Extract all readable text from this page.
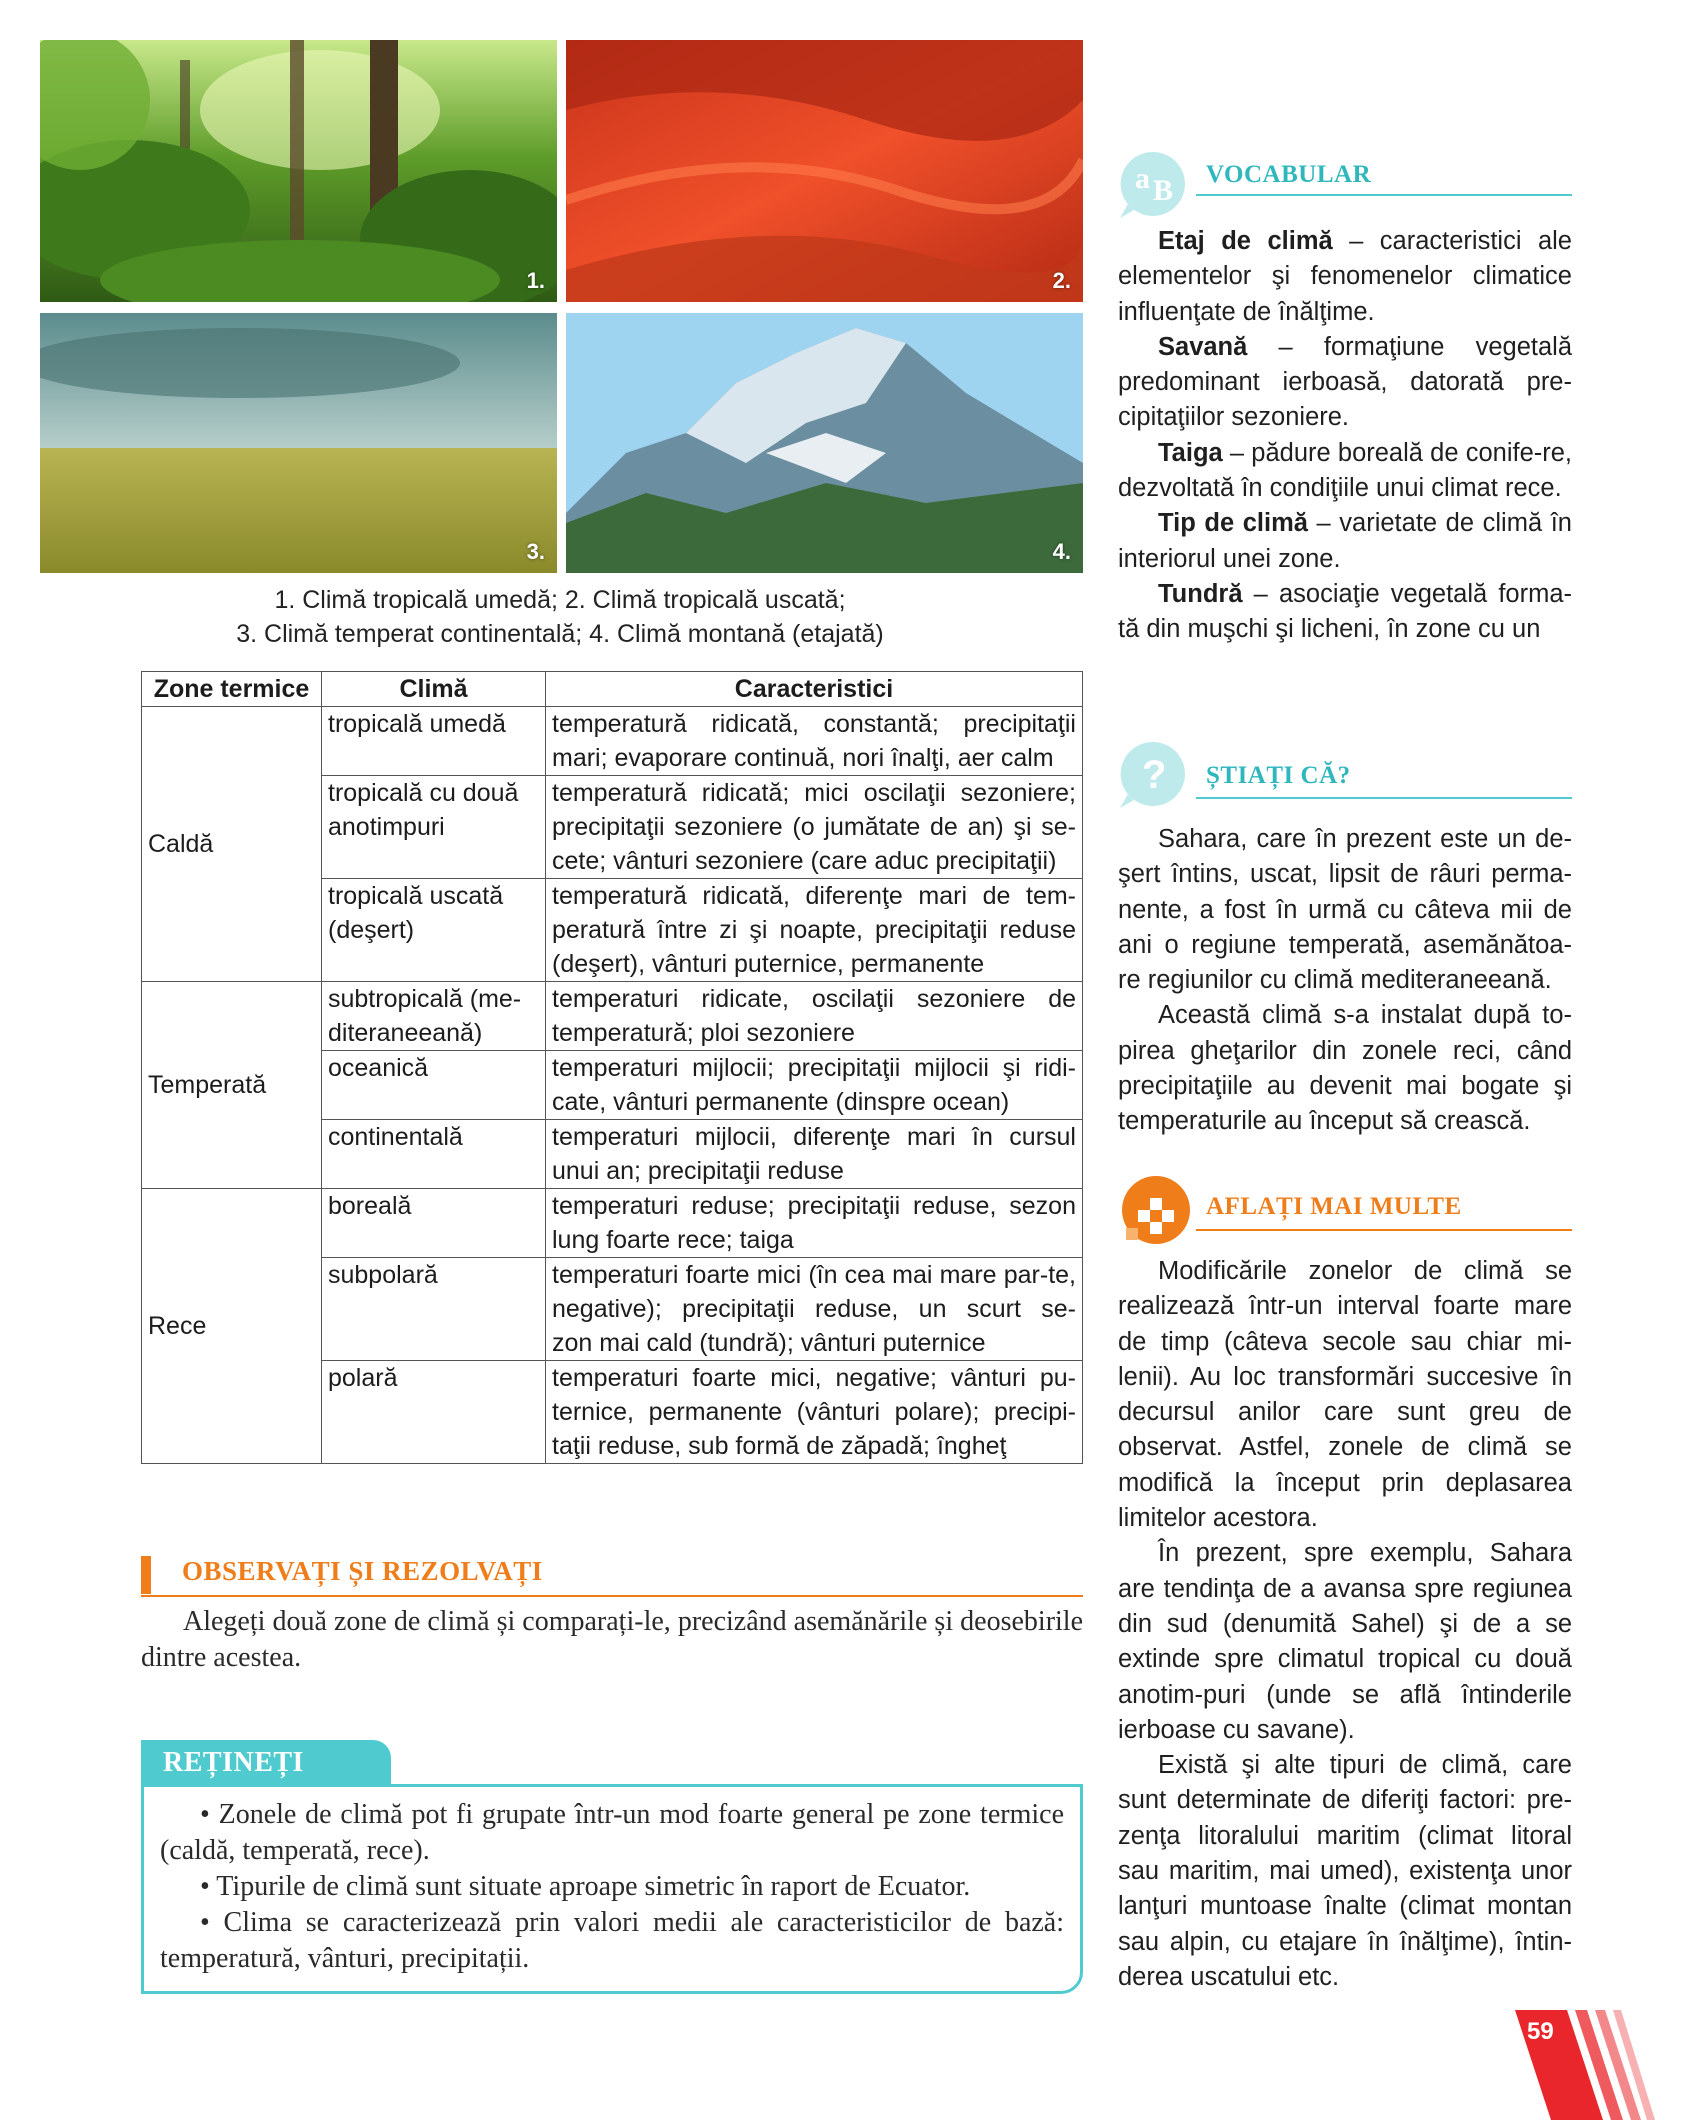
1.	2.
3.	4.
1. Climă tropicală umedă; 2. Climă tropicală uscată;
3. Climă temperat continentală; 4. Climă montană (etajată)
Zone termice	Climă	Caracteristici
Caldă	tropicală umedă	temperatură ridicată, constantă; precipitaţii
mari; evaporare continuă, nori înalţi, aer calm

	tropicală cu două anotimpuri	temperatură ridicată; mici oscilaţii sezoniere; precipitaţii sezoniere (o jumătate de an) şi se-
cete; vânturi sezoniere (care aduc precipitaţii)

	tropicală uscată (deşert)	temperatură ridicată, diferenţe mari de tem-peratură între zi şi noapte, precipitaţii reduse
(deşert), vânturi puternice, permanente

Temperată	subtropicală (me-diteraneeană)	temperaturi ridicate, oscilaţii sezoniere de
temperatură; ploi sezoniere

	oceanică	temperaturi mijlocii; precipitaţii mijlocii şi ridi-
cate, vânturi permanente (dinspre ocean)

	continentală	temperaturi mijlocii, diferenţe mari în cursul
unui an; precipitaţii reduse

Rece	boreală	temperaturi reduse; precipitaţii reduse, sezon
lung foarte rece; taiga

	subpolară	temperaturi foarte mici (în cea mai mare par-te, negative); precipitaţii reduse, un scurt se-
zon mai cald (tundră); vânturi puternice

	polară	temperaturi foarte mici, negative; vânturi pu-ternice, permanente (vânturi polare); precipi-
taţii reduse, sub formă de zăpadă; îngheţ
OBSERVAȚI ȘI REZOLVAȚI
Alegeți două zone de climă și comparați-le, precizând asemănările și deosebirile dintre acestea.
REȚINEȚI
• Zonele de climă pot fi grupate într-un mod foarte general pe zone termice (caldă, temperată, rece).
• Tipurile de climă sunt situate aproape simetric în raport de Ecuator.
• Clima se caracterizează prin valori medii ale caracteristicilor de bază: temperatură, vânturi, precipitații.
a B VOCABULAR

Etaj de climă – caracteristici ale elementelor şi fenomenelor climatice influenţate de înălţime.

Savană – formaţiune vegetală predominant ierboasă, datorată pre-cipitaţiilor sezoniere.

Taiga – pădure boreală de conife-re, dezvoltată în condiţiile unui climat rece.

Tip de climă – varietate de climă în interiorul unei zone.

Tundră – asociaţie vegetală forma-tă din muşchi şi licheni, în zone cu un

? ȘTIAȚI CĂ?

Sahara, care în prezent este un de-şert întins, uscat, lipsit de râuri perma-nente, a fost în urmă cu câteva mii de ani o regiune temperată, asemănătoa-re regiunilor cu climă mediteraneeană.

Această climă s-a instalat după to-pirea gheţarilor din zonele reci, când precipitaţiile au devenit mai bogate şi temperaturile au început să crească.

AFLAȚI MAI MULTE

Modificările zonelor de climă se realizează într-un interval foarte mare de timp (câteva secole sau chiar mi-lenii). Au loc transformări succesive în decursul anilor care sunt greu de observat. Astfel, zonele de climă se modifică la început prin deplasarea limitelor acestora.

În prezent, spre exemplu, Sahara are tendinţa de a avansa spre regiunea din sud (denumită Sahel) şi de a se extinde spre climatul tropical cu două anotim-puri (unde se află întinderile ierboase cu savane).

Există şi alte tipuri de climă, care sunt determinate de diferiţi factori: pre-zenţa litoralului maritim (climat litoral sau maritim, mai umed), existenţa unor lanţuri muntoase înalte (climat montan sau alpin, cu etajare în înălţime), întin-derea uscatului etc.

59
